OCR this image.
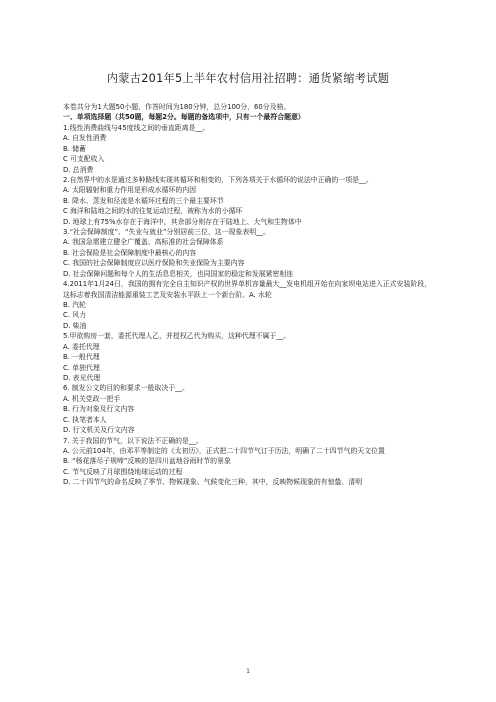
内蒙古201年5上半年农村信用社招聘：通货紧缩考试题
本卷共分为1大题50小题，作答时间为180分钟，总分100分，60分及格。
一、单项选择题（共50题，每题2分。每题的备选项中，只有一个最符合题意）
1.线性消费曲线与45度线之间的垂直距离是__。
A. 自发性消费
B. 储蓄
C 可支配收入
D. 总消费
2.自然界中的水是通过多种路线实现其循环和相变的，下列各项关于水循环的说法中正确的一项是__。
A. 太阳辐射和重力作用是形成水循环的内因
B. 降水、蒸发和径流是水循环过程的三个最主要环节
C 海洋和陆地之间的水的往复运动过程，被称为水的小循环
D. 地球上有75%水存在于海洋中，其余部分则存在于陆地上、大气和生物体中
3.“社会保障制度”、“失业与就业”分别居前三位，这一现象表明__。
A. 我国急需建立健全广覆盖、高标准的社会保障体系
B. 社会保险是社会保障制度中最核心的内容
C. 我国的社会保障制度应以医疗保险和失业保险为主要内容
D. 社会保障问题和每个人的生活息息相关，也同国家的稳定和发展紧密相连
4.2011年1月24日，我国的拥有完全自主知识产权的世界单机容量最大__发电机组开始在向家坝电站进入正式安装阶段，这标志着我国清洁能源重装工艺及安装水平跃上一个新台阶。A. 水轮
B. 汽轮
C. 风力
D. 柴油
5.甲欲购房一套，委托代理人乙，并授权乙代为购买，这种代理不属于__。
A. 委托代理
B. 一般代理
C. 单独代理
D. 表见代理
6. 制发公文的目的和要求一般取决于__。
A. 机关党政一把手
B. 行为对象及行文内容
C. 执笔者本人
D. 行文机关及行文内容
7. 关于我国的节气，以下说法不正确的是__。
A. 公元前104年，由邓平等制定的《太初历》，正式把二十四节气订于历法，明确了二十四节气的天文位置
B. “杨花落尽子规啼”反映的是四川盆地谷雨时节的景象
C. 节气反映了月球围绕地球运动的过程
D. 二十四节气的命名反映了季节、物候现象、气候变化三种，其中，反映物候现象的有惊蛰、清明
1
